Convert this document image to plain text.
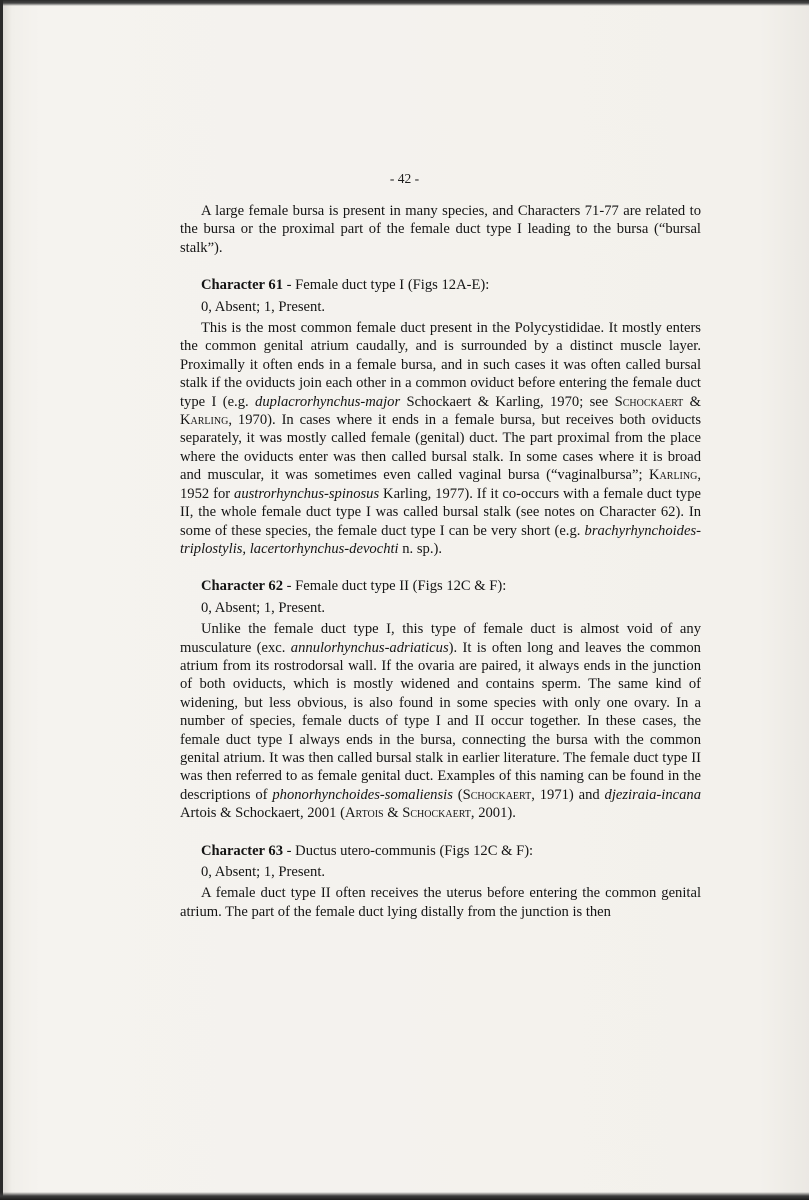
- 42 -

A large female bursa is present in many species, and Characters 71-77 are related to the bursa or the proximal part of the female duct type I leading to the bursa (“bursal stalk”).

Character 61 - Female duct type I (Figs 12A-E):

0, Absent; 1, Present.

This is the most common female duct present in the Polycystididae. It mostly enters the common genital atrium caudally, and is surrounded by a distinct muscle layer. Proximally it often ends in a female bursa, and in such cases it was often called bursal stalk if the oviducts join each other in a common oviduct before entering the female duct type I (e.g. duplacrorhynchus-major Schockaert & Karling, 1970; see Schockaert & Karling, 1970). In cases where it ends in a female bursa, but receives both oviducts separately, it was mostly called female (genital) duct. The part proximal from the place where the oviducts enter was then called bursal stalk. In some cases where it is broad and muscular, it was sometimes even called vaginal bursa (“vaginalbursa”; Karling, 1952 for austrorhynchus-spinosus Karling, 1977). If it co-occurs with a female duct type II, the whole female duct type I was called bursal stalk (see notes on Character 62). In some of these species, the female duct type I can be very short (e.g. brachyrhynchoides-triplostylis, lacertorhynchus-devochti n. sp.).

Character 62 - Female duct type II (Figs 12C & F):

0, Absent; 1, Present.

Unlike the female duct type I, this type of female duct is almost void of any musculature (exc. annulorhynchus-adriaticus). It is often long and leaves the common atrium from its rostrodorsal wall. If the ovaria are paired, it always ends in the junction of both oviducts, which is mostly widened and contains sperm. The same kind of widening, but less obvious, is also found in some species with only one ovary. In a number of species, female ducts of type I and II occur together. In these cases, the female duct type I always ends in the bursa, connecting the bursa with the common genital atrium. It was then called bursal stalk in earlier literature. The female duct type II was then referred to as female genital duct. Examples of this naming can be found in the descriptions of phonorhynchoides-somaliensis (Schockaert, 1971) and djeziraia-incana Artois & Schockaert, 2001 (Artois & Schockaert, 2001).

Character 63 - Ductus utero-communis (Figs 12C & F):

0, Absent; 1, Present.

A female duct type II often receives the uterus before entering the common genital atrium. The part of the female duct lying distally from the junction is then
